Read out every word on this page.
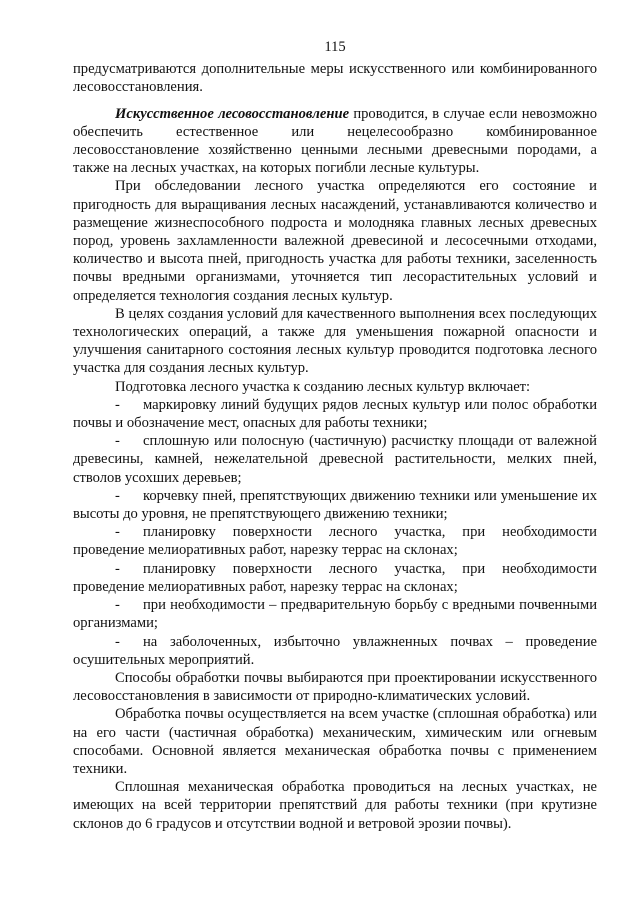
115

предусматриваются дополнительные меры искусственного или комбинированного лесовосстановления.

Искусственное лесовосстановление проводится, в случае если невозможно обеспечить естественное или нецелесообразно комбинированное лесовосстановление хозяйственно ценными лесными древесными породами, а также на лесных участках, на которых погибли лесные культуры.

При обследовании лесного участка определяются его состояние и пригодность для выращивания лесных насаждений, устанавливаются количество и размещение жизнеспособного подроста и молодняка главных лесных древесных пород, уровень захламленности валежной древесиной и лесосечными отходами, количество и высота пней, пригодность участка для работы техники, заселенность почвы вредными организмами, уточняется тип лесорастительных условий и определяется технология создания лесных культур.

В целях создания условий для качественного выполнения всех последующих технологических операций, а также для уменьшения пожарной опасности и улучшения санитарного состояния лесных культур проводится подготовка лесного участка для создания лесных культур.

Подготовка лесного участка к созданию лесных культур включает:

- маркировку линий будущих рядов лесных культур или полос обработки почвы и обозначение мест, опасных для работы техники;

- сплошную или полосную (частичную) расчистку площади от валежной древесины, камней, нежелательной древесной растительности, мелких пней, стволов усохших деревьев;

- корчевку пней, препятствующих движению техники или уменьшение их высоты до уровня, не препятствующего движению техники;

- планировку поверхности лесного участка, при необходимости проведение мелиоративных работ, нарезку террас на склонах;

- планировку поверхности лесного участка, при необходимости проведение мелиоративных работ, нарезку террас на склонах;

- при необходимости – предварительную борьбу с вредными почвенными организмами;

- на заболоченных, избыточно увлажненных почвах – проведение осушительных мероприятий.

Способы обработки почвы выбираются при проектировании искусственного лесовосстановления в зависимости от природно-климатических условий.

Обработка почвы осуществляется на всем участке (сплошная обработка) или на его части (частичная обработка) механическим, химическим или огневым способами. Основной является механическая обработка почвы с применением техники.

Сплошная механическая обработка проводиться на лесных участках, не имеющих на всей территории препятствий для работы техники (при крутизне склонов до 6 градусов и отсутствии водной и ветровой эрозии почвы).
